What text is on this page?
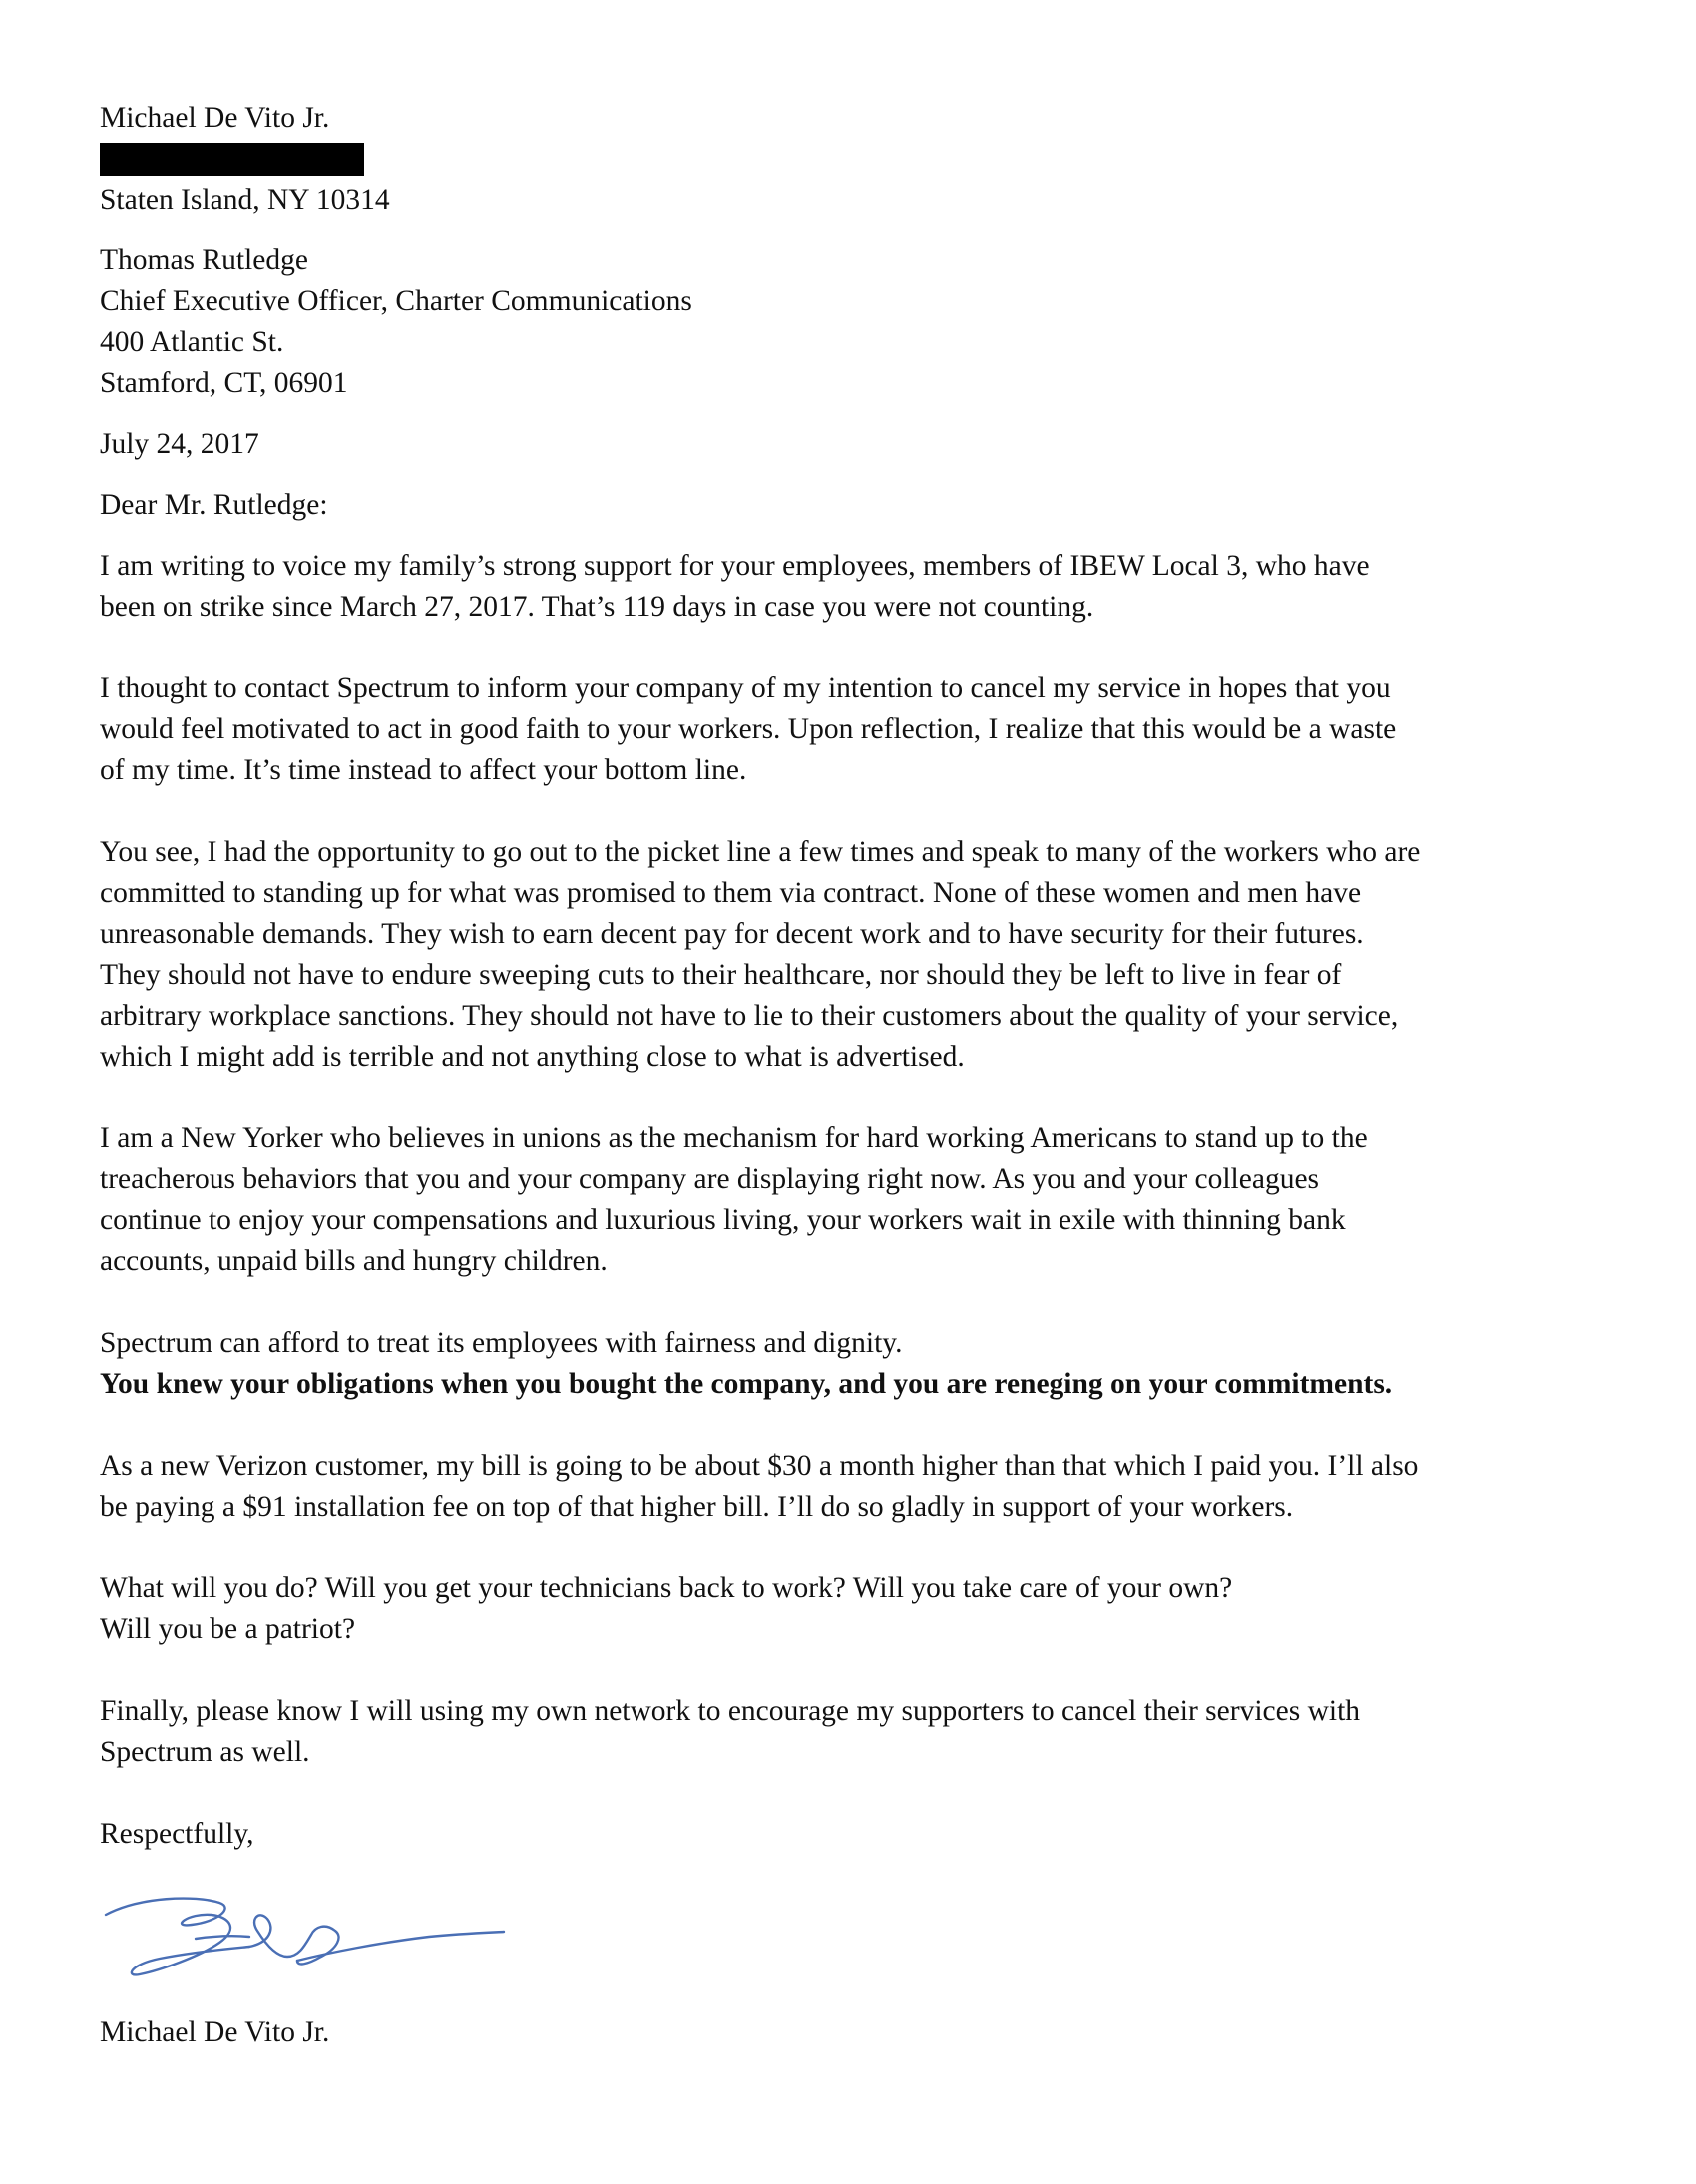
Michael De Vito Jr.
Staten Island, NY 10314
Thomas Rutledge
Chief Executive Officer, Charter Communications
400 Atlantic St.
Stamford, CT, 06901
July 24, 2017
Dear Mr. Rutledge:

I am writing to voice my family’s strong support for your employees, members of IBEW Local 3, who have

been on strike since March 27, 2017. That’s 119 days in case you were not counting.

I thought to contact Spectrum to inform your company of my intention to cancel my service in hopes that you

would feel motivated to act in good faith to your workers. Upon reflection, I realize that this would be a waste

of my time. It’s time instead to affect your bottom line.

You see, I had the opportunity to go out to the picket line a few times and speak to many of the workers who are

committed to standing up for what was promised to them via contract. None of these women and men have

unreasonable demands. They wish to earn decent pay for decent work and to have security for their futures.

They should not have to endure sweeping cuts to their healthcare, nor should they be left to live in fear of

arbitrary workplace sanctions. They should not have to lie to their customers about the quality of your service,

which I might add is terrible and not anything close to what is advertised.

I am a New Yorker who believes in unions as the mechanism for hard working Americans to stand up to the

treacherous behaviors that you and your company are displaying right now. As you and your colleagues

continue to enjoy your compensations and luxurious living, your workers wait in exile with thinning bank

accounts, unpaid bills and hungry children.

Spectrum can afford to treat its employees with fairness and dignity.

You knew your obligations when you bought the company, and you are reneging on your commitments.

As a new Verizon customer, my bill is going to be about $30 a month higher than that which I paid you. I’ll also

be paying a $91 installation fee on top of that higher bill. I’ll do so gladly in support of your workers.

What will you do? Will you get your technicians back to work? Will you take care of your own?

Will you be a patriot?

Finally, please know I will using my own network to encourage my supporters to cancel their services with

Spectrum as well.

Respectfully,
Michael De Vito Jr.
